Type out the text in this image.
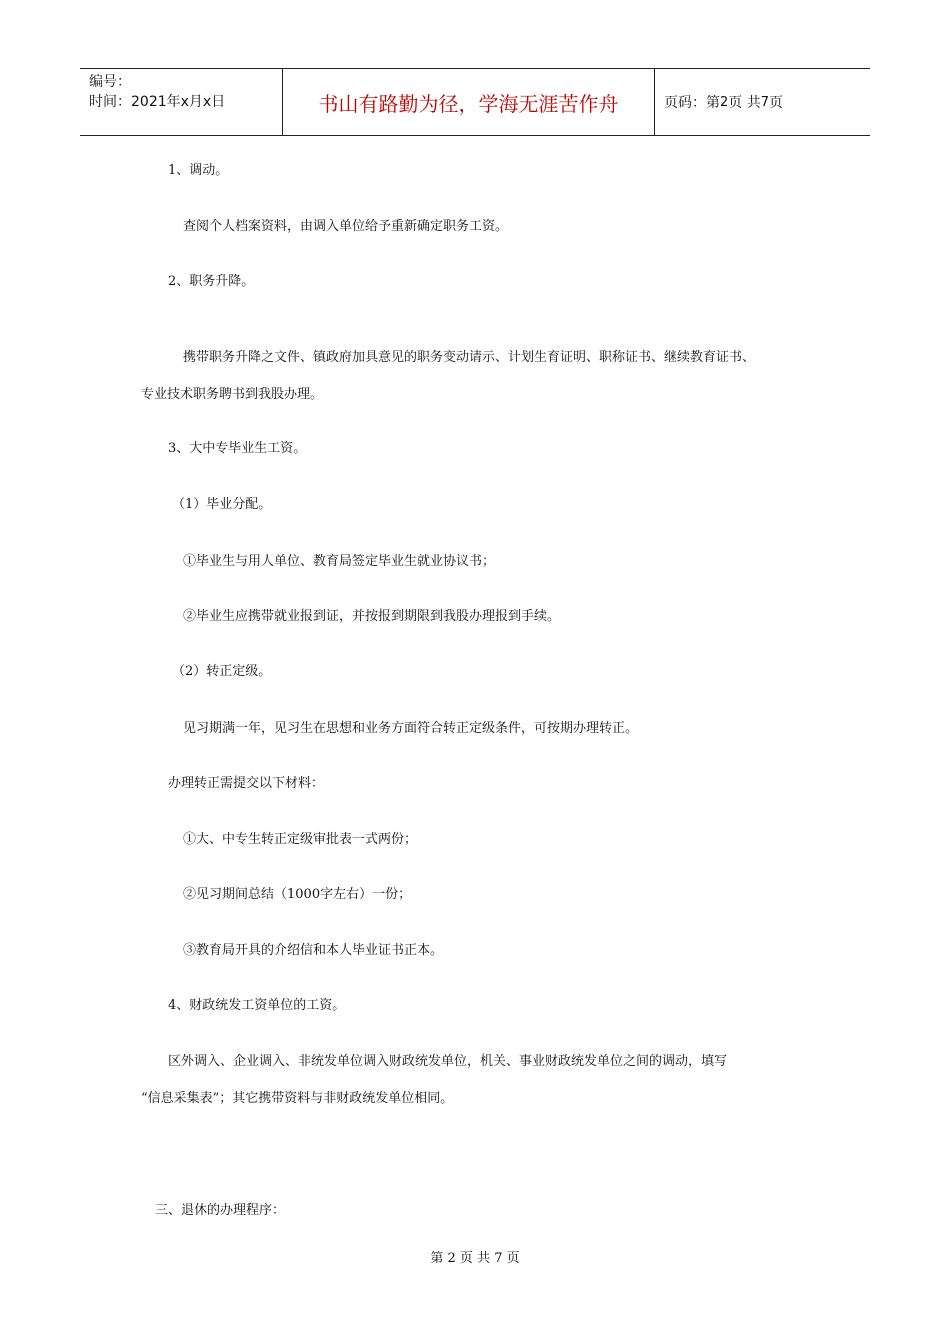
编号：
时间：2021年x月x日	书山有路勤为径，学海无涯苦作舟	页码：第 2 页 共 7 页

1、调动。

查阅个人档案资料，由调入单位给予重新确定职务工资。

2、职务升降。

携带职务升降之文件、镇政府加具意见的职务变动请示、计划生育证明、职称证书、继续教育证书、

专业技术职务聘书到我股办理。

3、大中专毕业生工资。

（1）毕业分配。

①毕业生与用人单位、教育局签定毕业生就业协议书；

②毕业生应携带就业报到证，并按报到期限到我股办理报到手续。

（2）转正定级。

见习期满一年，见习生在思想和业务方面符合转正定级条件，可按期办理转正。

办理转正需提交以下材料：

①大、中专生转正定级审批表一式两份；

②见习期间总结（1000字左右）一份；

③教育局开具的介绍信和本人毕业证书正本。

4、财政统发工资单位的工资。

区外调入、企业调入、非统发单位调入财政统发单位，机关、事业财政统发单位之间的调动，填写

“信息采集表”；其它携带资料与非财政统发单位相同。

三、退休的办理程序：

第 2 页 共 7 页
